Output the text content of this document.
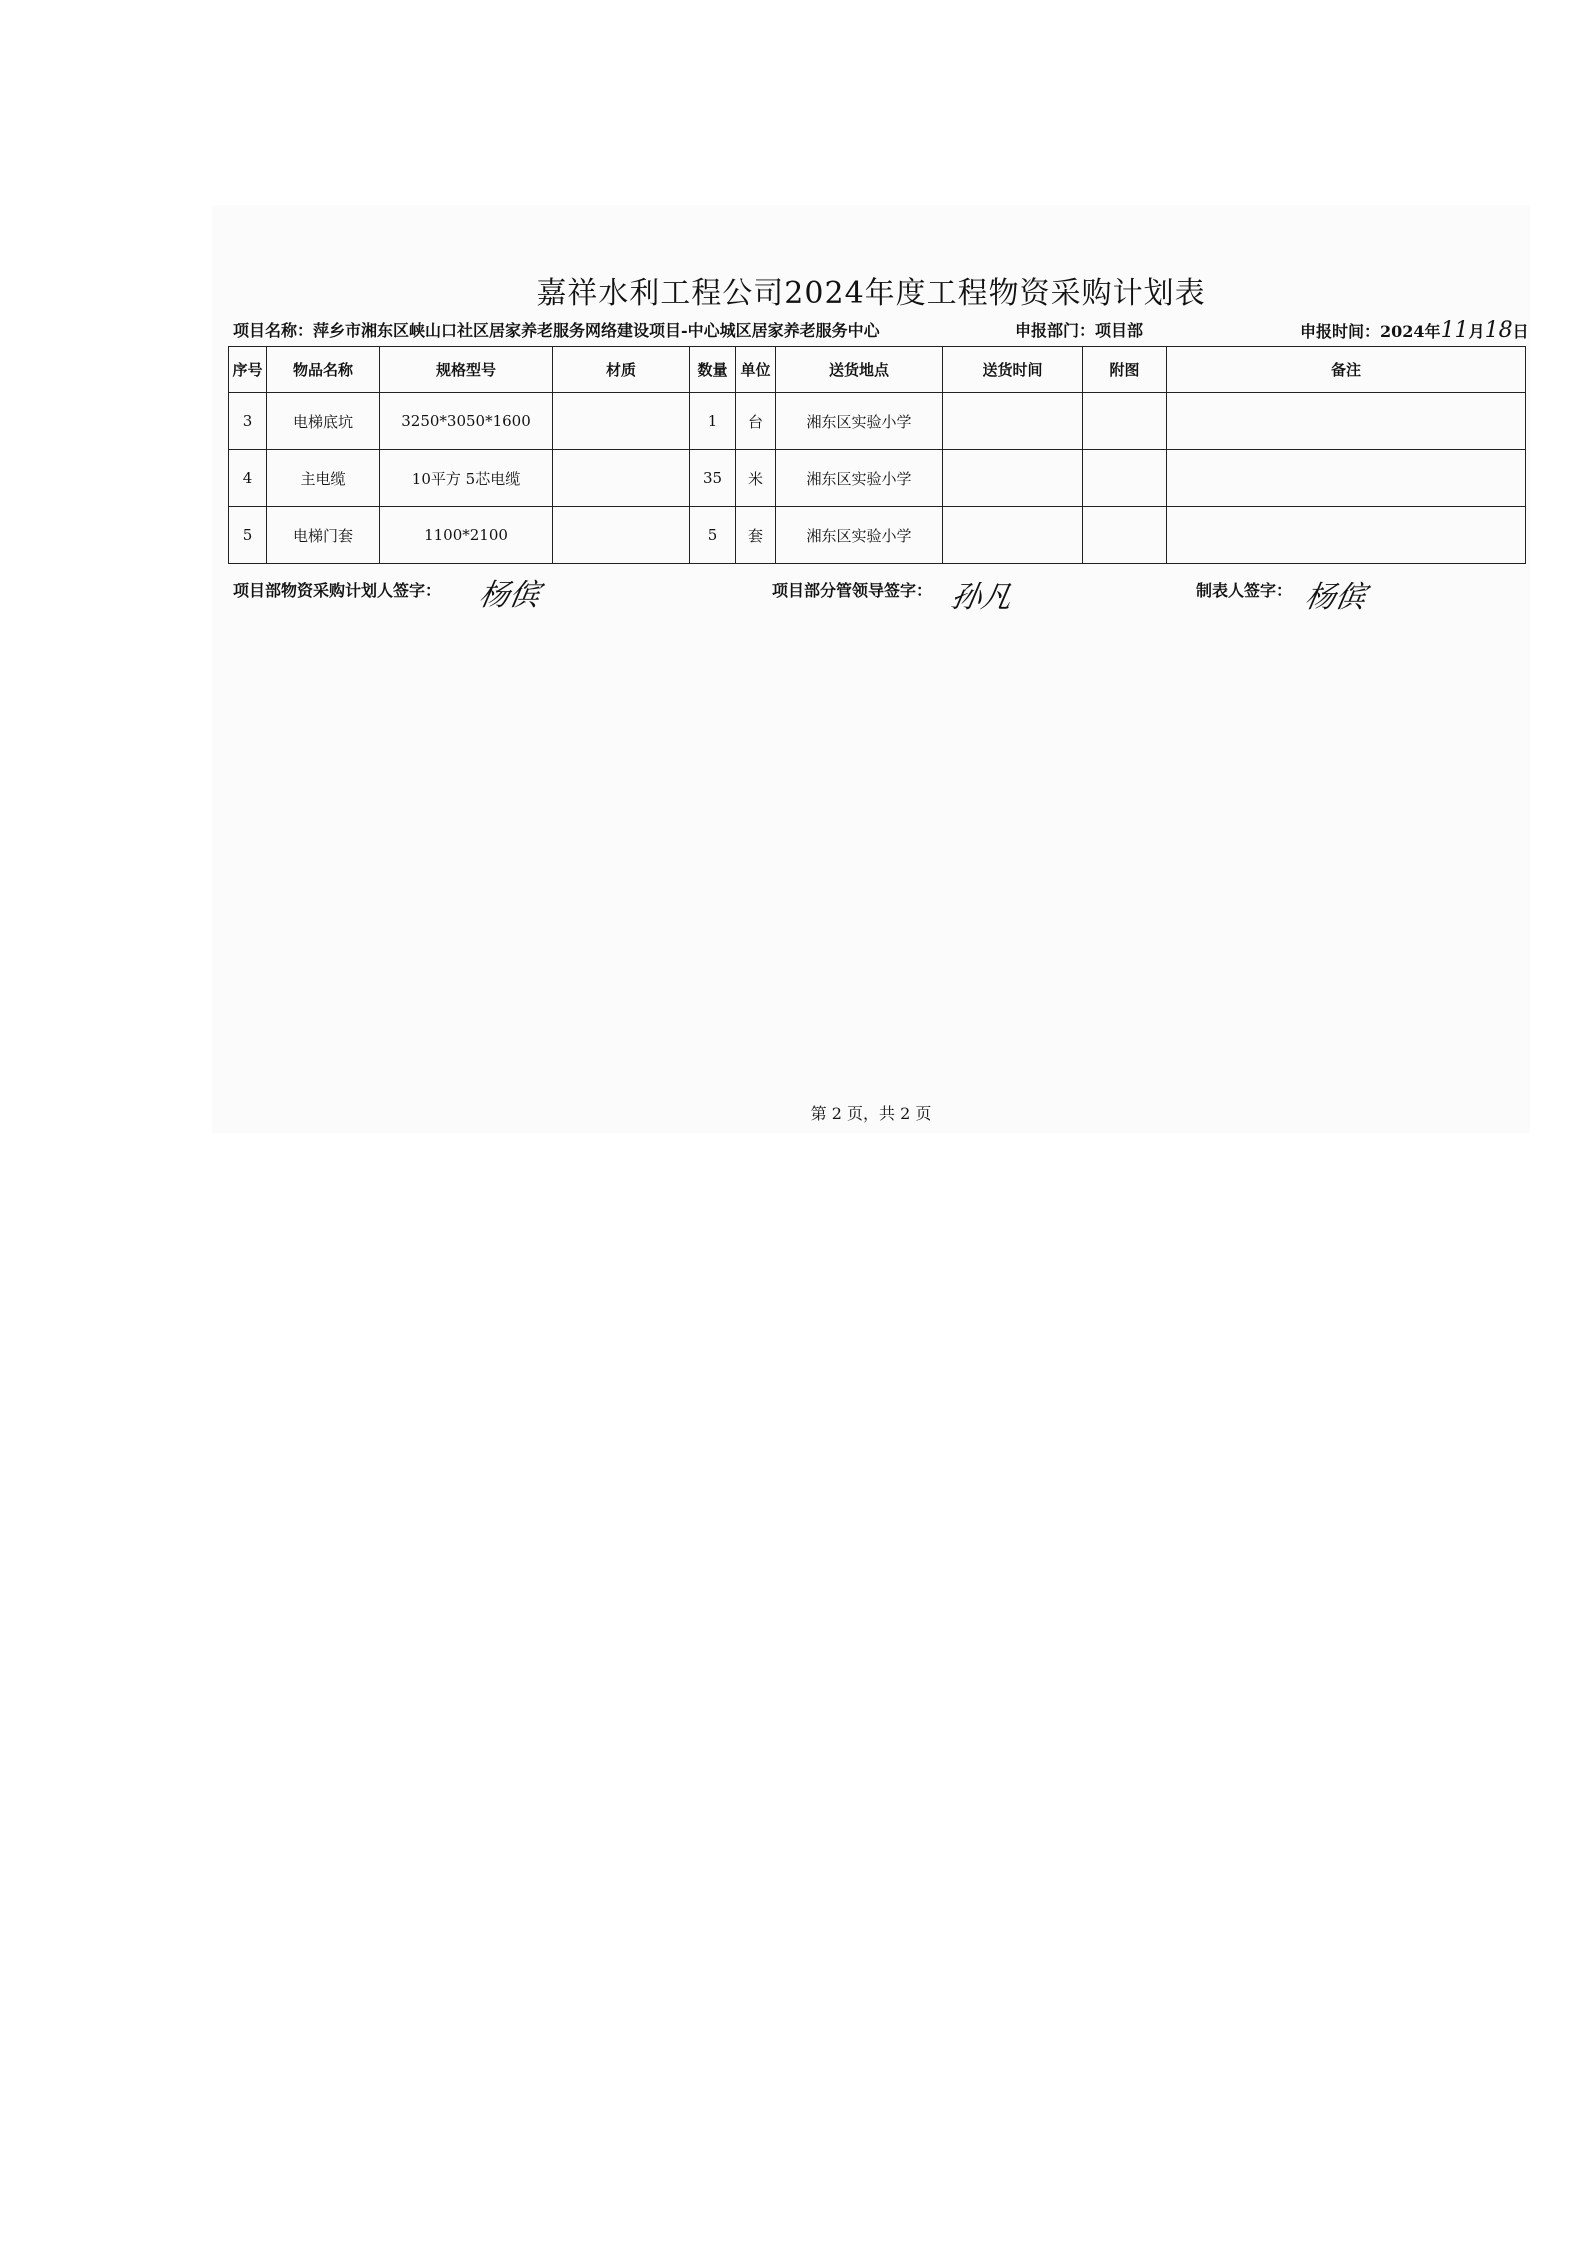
嘉祥水利工程公司2024年度工程物资采购计划表
项目名称：萍乡市湘东区峡山口社区居家养老服务网络建设项目-中心城区居家养老服务中心	申报部门：项目部	申报时间：2024年11月18日
序号	物品名称	规格型号	材质	数量	单位	送货地点	送货时间	附图	备注
3	电梯底坑	3250*3050*1600		1	台	湘东区实验小学			
4	主电缆	10平方 5芯电缆		35	米	湘东区实验小学			
5	电梯门套	1100*2100		5	套	湘东区实验小学			
项目部物资采购计划人签字： 杨傧	项目部分管领导签字： 孙凡	制表人签字： 杨傧
第 2 页，共 2 页
